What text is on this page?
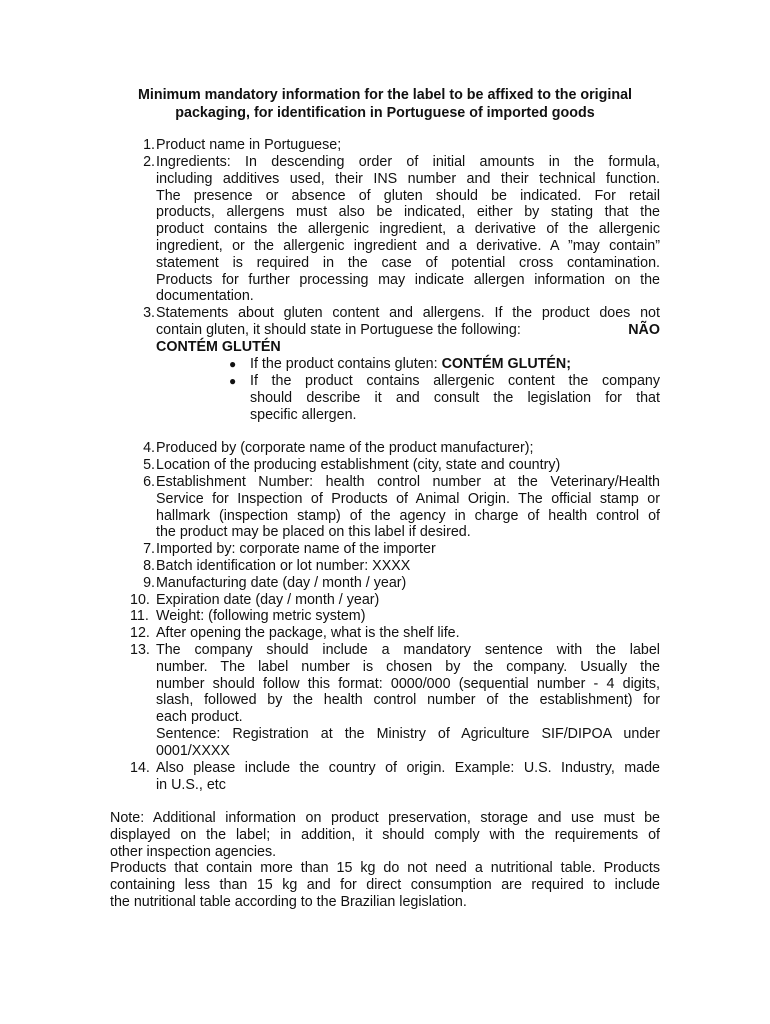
Minimum mandatory information for the label to be affixed to the original
packaging, for identification in Portuguese of imported goods
1. Product name in Portuguese;
2. Ingredients: In descending order of initial amounts in the formula,
including additives used, their INS number and their technical function.
The presence or absence of gluten should be indicated. For retail
products, allergens must also be indicated, either by stating that the
product contains the allergenic ingredient, a derivative of the allergenic
ingredient, or the allergenic ingredient and a derivative. A ”may contain”
statement is required in the case of potential cross contamination.
Products for further processing may indicate allergen information on the
documentation.
3. Statements about gluten content and allergens. If the product does not
contain gluten, it should state in Portuguese the following:	NÃO
CONTÉM GLUTÉN
● If the product contains gluten: CONTÉM GLUTÉN;
● If the product contains allergenic content the company
should describe it and consult the legislation for that
specific allergen.
4. Produced by (corporate name of the product manufacturer);
5. Location of the producing establishment (city, state and country)
6. Establishment Number: health control number at the Veterinary/Health
Service for Inspection of Products of Animal Origin. The official stamp or
hallmark (inspection stamp) of the agency in charge of health control of
the product may be placed on this label if desired.
7. Imported by: corporate name of the importer
8. Batch identification or lot number: XXXX
9. Manufacturing date (day / month / year)
10. Expiration date (day / month / year)
11. Weight: (following metric system)
12. After opening the package, what is the shelf life.
13. The company should include a mandatory sentence with the label
number. The label number is chosen by the company. Usually the
number should follow this format: 0000/000 (sequential number - 4 digits,
slash, followed by the health control number of the establishment) for
each product.
Sentence: Registration at the Ministry of Agriculture SIF/DIPOA under
0001/XXXX
14. Also please include the country of origin. Example: U.S. Industry, made
in U.S., etc
Note: Additional information on product preservation, storage and use must be
displayed on the label; in addition, it should comply with the requirements of
other inspection agencies.
Products that contain more than 15 kg do not need a nutritional table. Products
containing less than 15 kg and for direct consumption are required to include
the nutritional table according to the Brazilian legislation.
